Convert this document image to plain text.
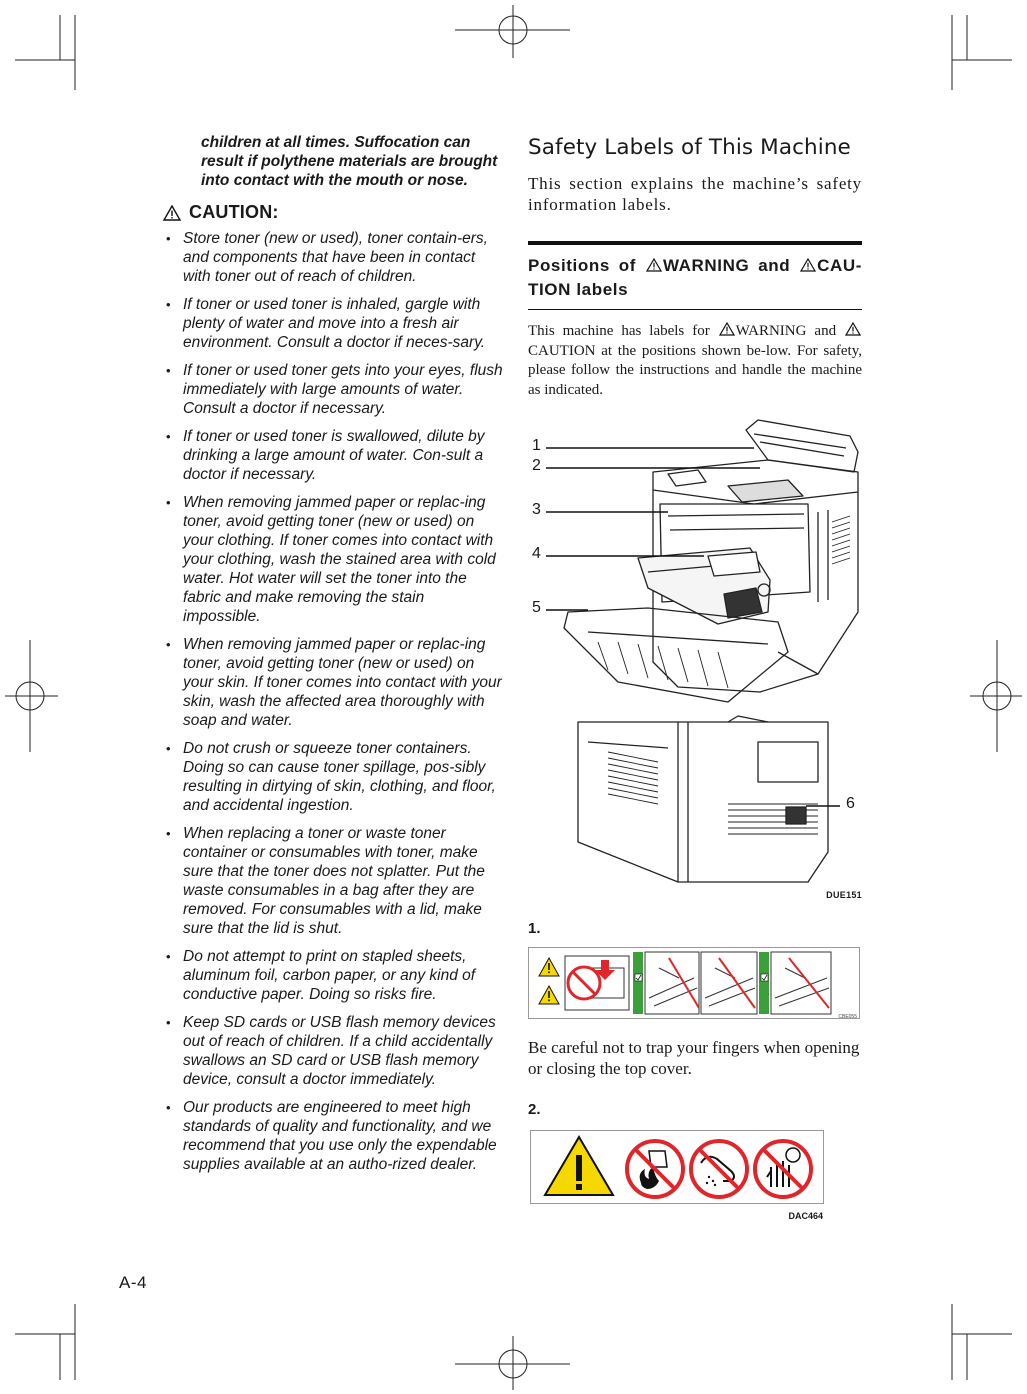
children at all times. Suffocation can result if polythene materials are brought into contact with the mouth or nose.

CAUTION:
• Store toner (new or used), toner contain-ers, and components that have been in contact with toner out of reach of children.
• If toner or used toner is inhaled, gargle with plenty of water and move into a fresh air environment. Consult a doctor if neces-sary.
• If toner or used toner gets into your eyes, flush immediately with large amounts of water. Consult a doctor if necessary.
• If toner or used toner is swallowed, dilute by drinking a large amount of water. Con-sult a doctor if necessary.
• When removing jammed paper or replac-ing toner, avoid getting toner (new or used) on your clothing. If toner comes into contact with your clothing, wash the stained area with cold water. Hot water will set the toner into the fabric and make removing the stain impossible.
• When removing jammed paper or replac-ing toner, avoid getting toner (new or used) on your skin. If toner comes into contact with your skin, wash the affected area thoroughly with soap and water.
• Do not crush or squeeze toner containers. Doing so can cause toner spillage, pos-sibly resulting in dirtying of skin, clothing, and floor, and accidental ingestion.
• When replacing a toner or waste toner container or consumables with toner, make sure that the toner does not splatter. Put the waste consumables in a bag after they are removed. For consumables with a lid, make sure that the lid is shut.
• Do not attempt to print on stapled sheets, aluminum foil, carbon paper, or any kind of conductive paper. Doing so risks fire.
• Keep SD cards or USB flash memory devices out of reach of children. If a child accidentally swallows an SD card or USB flash memory device, consult a doctor immediately.
• Our products are engineered to meet high standards of quality and functionality, and we recommend that you use only the expendable supplies available at an autho-rized dealer.
Safety Labels of This Machine

This section explains the machine’s safety information labels.

Positions of WARNING and CAU-TION labels

This machine has labels for WARNING and CAUTION at the positions shown be-low. For safety, please follow the instructions and handle the machine as indicated.

1
2
3
4
5
6
DUE151

1.

CBE055

Be careful not to trap your fingers when opening or closing the top cover.

2.

DAC464
A-4
